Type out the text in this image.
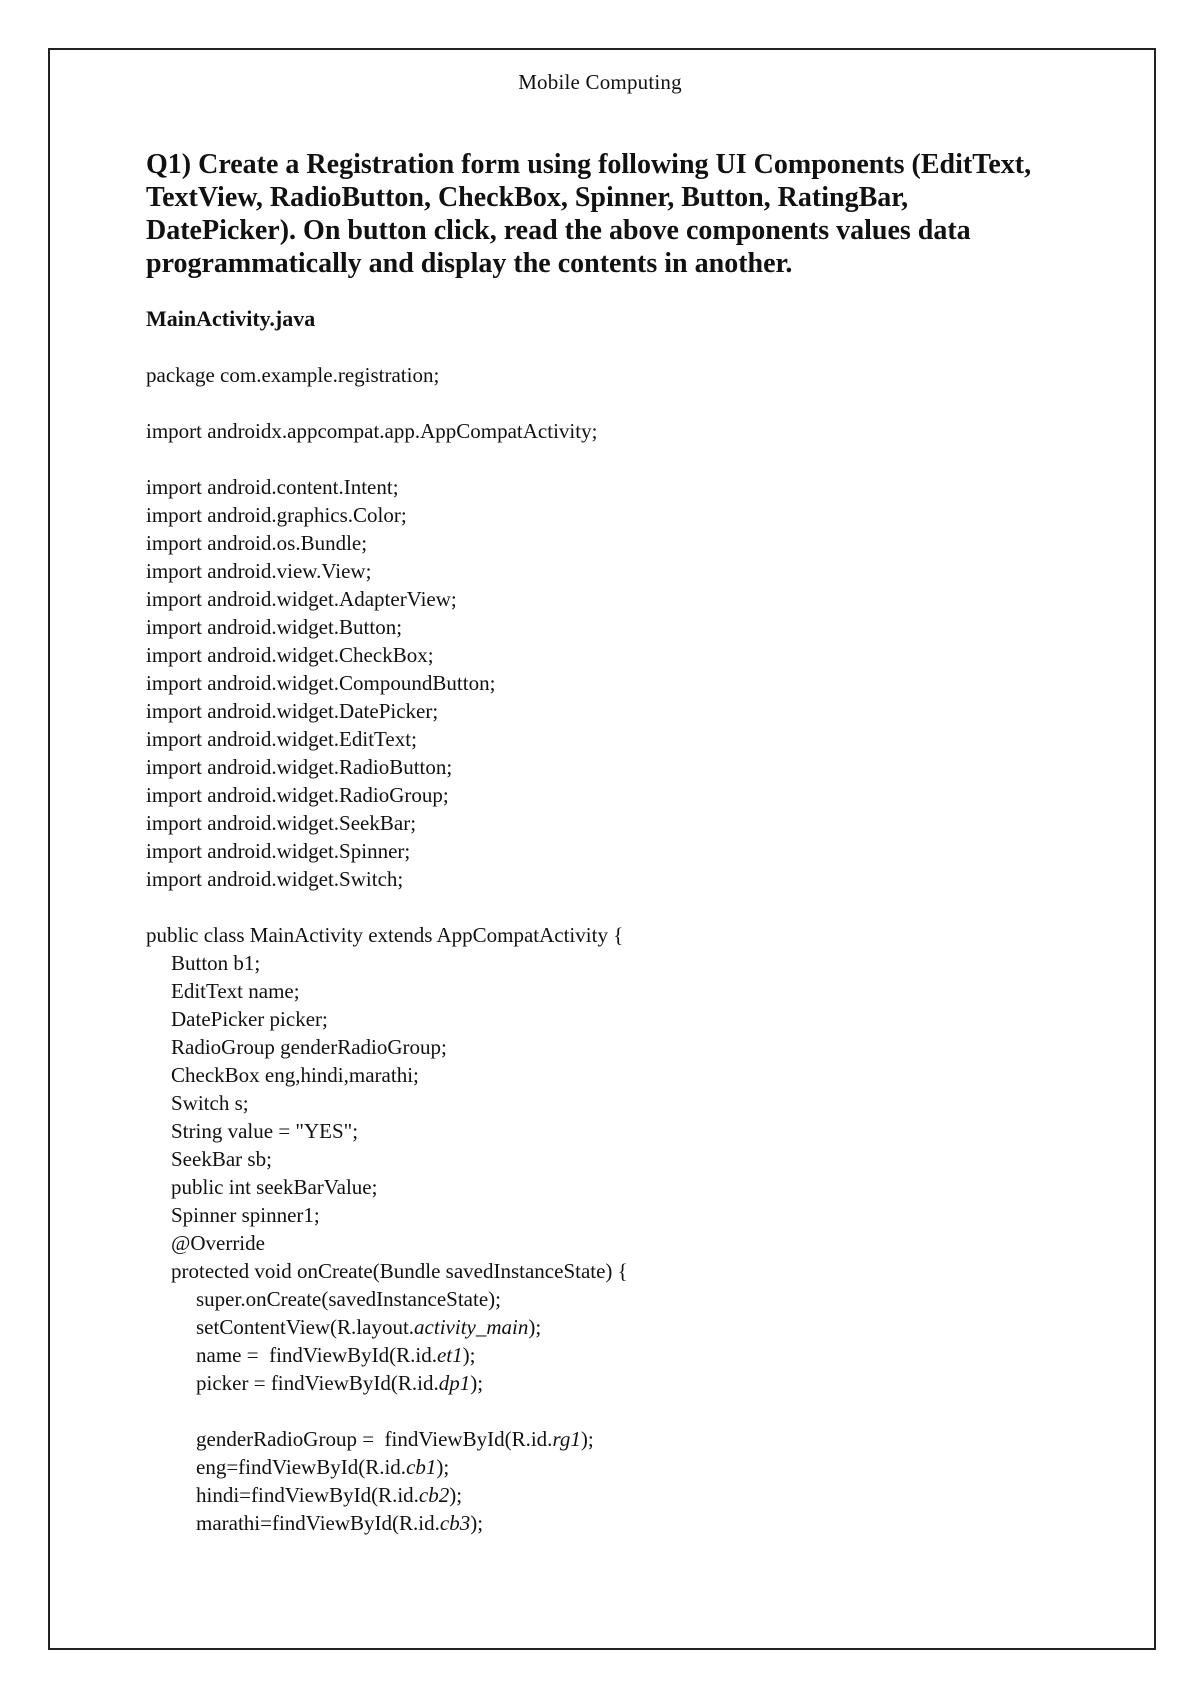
Mobile Computing
Q1) Create a Registration form using following UI Components (EditText,
TextView, RadioButton, CheckBox, Spinner, Button, RatingBar,
DatePicker). On button click, read the above components values data
programmatically and display the contents in another.
MainActivity.java
package com.example.registration;
import androidx.appcompat.app.AppCompatActivity;
import android.content.Intent;
import android.graphics.Color;
import android.os.Bundle;
import android.view.View;
import android.widget.AdapterView;
import android.widget.Button;
import android.widget.CheckBox;
import android.widget.CompoundButton;
import android.widget.DatePicker;
import android.widget.EditText;
import android.widget.RadioButton;
import android.widget.RadioGroup;
import android.widget.SeekBar;
import android.widget.Spinner;
import android.widget.Switch;
public class MainActivity extends AppCompatActivity {
Button b1;
EditText name;
DatePicker picker;
RadioGroup genderRadioGroup;
CheckBox eng,hindi,marathi;
Switch s;
String value = "YES";
SeekBar sb;
public int seekBarValue;
Spinner spinner1;
@Override
protected void onCreate(Bundle savedInstanceState) {
super.onCreate(savedInstanceState);
setContentView(R.layout.activity_main);
name =  findViewById(R.id.et1);
picker = findViewById(R.id.dp1);
genderRadioGroup =  findViewById(R.id.rg1);
eng=findViewById(R.id.cb1);
hindi=findViewById(R.id.cb2);
marathi=findViewById(R.id.cb3);
